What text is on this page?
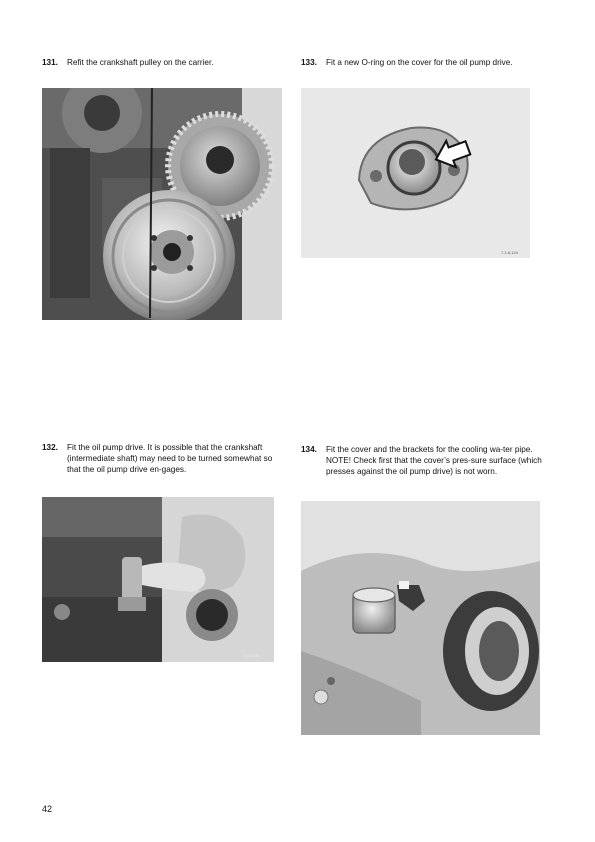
131. Refit the crankshaft pulley on the carrier.	133. Fit a new O-ring on the cover for the oil pump drive.
132. Fit the oil pump drive. It is possible that the crankshaft (intermediate shaft) may need to be turned somewhat so that the oil pump drive en-gages.
134. Fit the cover and the brackets for the cooling wa-ter pipe. NOTE! Check first that the cover’s pres-sure surface (which presses against the oil pump drive) is not worn.
7.1.8-124
7.1.8-126
42
